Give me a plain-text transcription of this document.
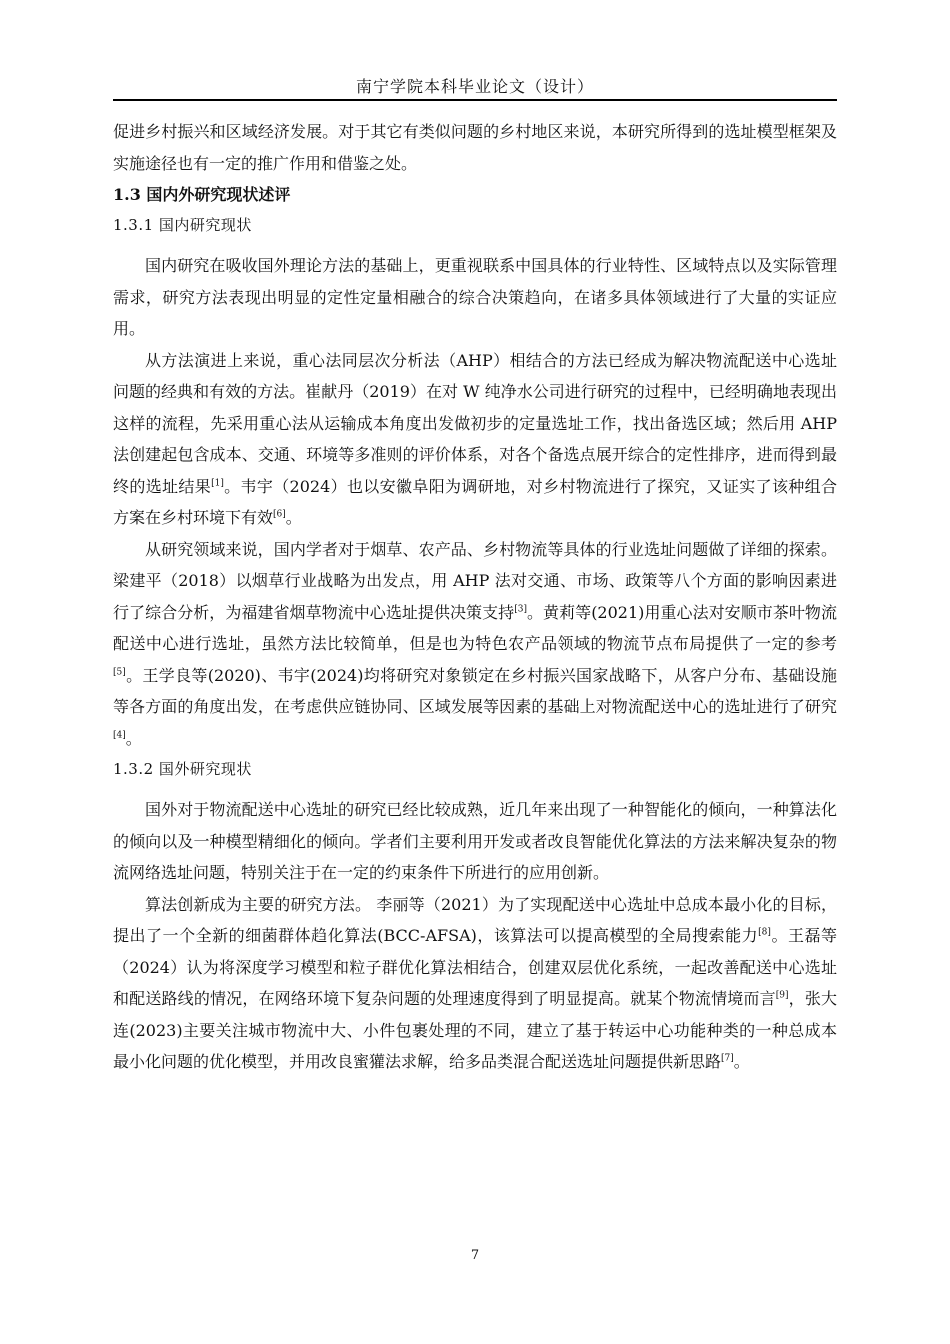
南宁学院本科毕业论文（设计）

促进乡村振兴和区域经济发展。对于其它有类似问题的乡村地区来说，本研究所得到的选址模型框架及实施途径也有一定的推广作用和借鉴之处。

1.3 国内外研究现状述评

1.3.1 国内研究现状

国内研究在吸收国外理论方法的基础上，更重视联系中国具体的行业特性、区域特点以及实际管理需求，研究方法表现出明显的定性定量相融合的综合决策趋向，在诸多具体领域进行了大量的实证应用。

从方法演进上来说，重心法同层次分析法（AHP）相结合的方法已经成为解决物流配送中心选址问题的经典和有效的方法。崔献丹（2019）在对 W 纯净水公司进行研究的过程中，已经明确地表现出这样的流程，先采用重心法从运输成本角度出发做初步的定量选址工作，找出备选区域；然后用 AHP 法创建起包含成本、交通、环境等多准则的评价体系，对各个备选点展开综合的定性排序，进而得到最终的选址结果[1]。韦宇（2024）也以安徽阜阳为调研地，对乡村物流进行了探究，又证实了该种组合方案在乡村环境下有效[6]。

从研究领域来说，国内学者对于烟草、农产品、乡村物流等具体的行业选址问题做了详细的探索。梁建平（2018）以烟草行业战略为出发点，用 AHP 法对交通、市场、政策等八个方面的影响因素进行了综合分析，为福建省烟草物流中心选址提供决策支持[3]。黄莉等(2021)用重心法对安顺市茶叶物流配送中心进行选址，虽然方法比较简单，但是也为特色农产品领域的物流节点布局提供了一定的参考[5]。王学良等(2020)、韦宇(2024)均将研究对象锁定在乡村振兴国家战略下，从客户分布、基础设施等各方面的角度出发，在考虑供应链协同、区域发展等因素的基础上对物流配送中心的选址进行了研究[4]。

1.3.2 国外研究现状

国外对于物流配送中心选址的研究已经比较成熟，近几年来出现了一种智能化的倾向，一种算法化的倾向以及一种模型精细化的倾向。学者们主要利用开发或者改良智能优化算法的方法来解决复杂的物流网络选址问题，特别关注于在一定的约束条件下所进行的应用创新。

算法创新成为主要的研究方法。 李丽等（2021）为了实现配送中心选址中总成本最小化的目标，提出了一个全新的细菌群体趋化算法(BCC-AFSA)，该算法可以提高模型的全局搜索能力[8]。王磊等（2024）认为将深度学习模型和粒子群优化算法相结合，创建双层优化系统，一起改善配送中心选址和配送路线的情况，在网络环境下复杂问题的处理速度得到了明显提高。就某个物流情境而言[9]，张大连(2023)主要关注城市物流中大、小件包裹处理的不同，建立了基于转运中心功能种类的一种总成本最小化问题的优化模型，并用改良蜜獾法求解，给多品类混合配送选址问题提供新思路[7]。

7
